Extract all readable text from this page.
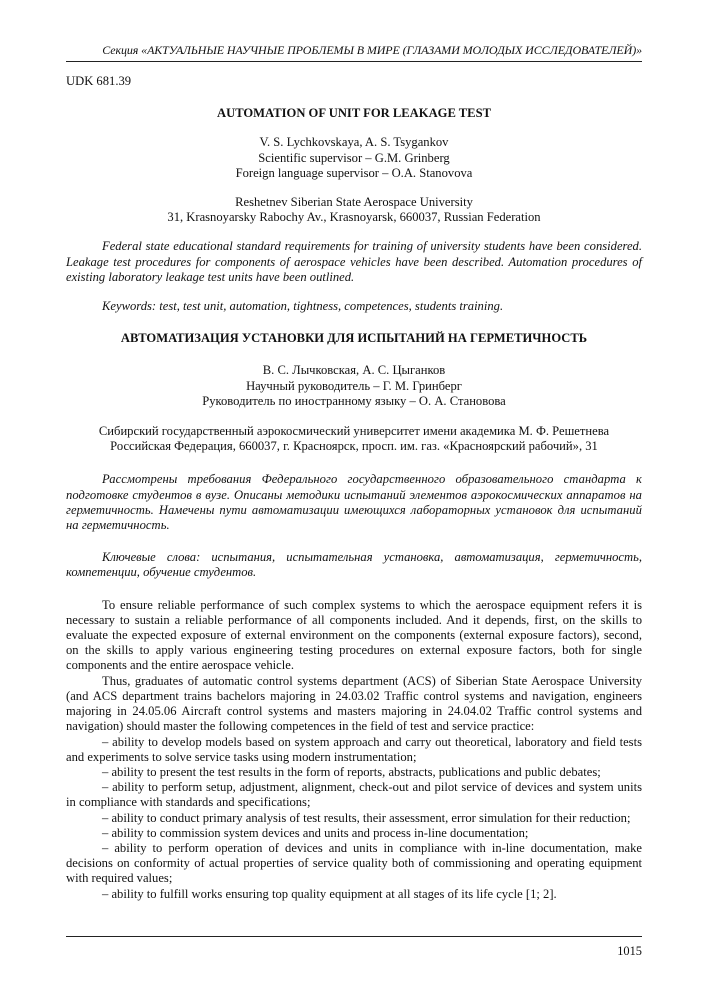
Секция «АКТУАЛЬНЫЕ НАУЧНЫЕ ПРОБЛЕМЫ В МИРЕ (ГЛАЗАМИ МОЛОДЫХ ИССЛЕДОВАТЕЛЕЙ)»

UDK 681.39

AUTOMATION OF UNIT FOR LEAKAGE TEST

V. S. Lychkovskaya, A. S. Tsygankov

Scientific supervisor – G.M. Grinberg

Foreign language supervisor – O.A. Stanovova

Reshetnev Siberian State Aerospace University

31, Krasnoyarsky Rabochy Av., Krasnoyarsk, 660037, Russian Federation

Federal state educational standard requirements for training of university students have been considered. Leakage test procedures for components of aerospace vehicles have been described. Automation procedures of existing laboratory leakage test units have been outlined.

Keywords: test, test unit, automation, tightness, competences, students training.

АВТОМАТИЗАЦИЯ УСТАНОВКИ ДЛЯ ИСПЫТАНИЙ НА ГЕРМЕТИЧНОСТЬ

В. С. Лычковская, А. С. Цыганков

Научный руководитель – Г. М. Гринберг

Руководитель по иностранному языку – О. А. Становова

Сибирский государственный аэрокосмический университет имени академика М. Ф. Решетнева

Российская Федерация, 660037, г. Красноярск, просп. им. газ. «Красноярский рабочий», 31

Рассмотрены требования Федерального государственного образовательного стандарта к подготовке студентов в вузе. Описаны методики испытаний элементов аэрокосмических аппаратов на герметичность. Намечены пути автоматизации имеющихся лабораторных установок для испытаний на герметичность.

Ключевые слова: испытания, испытательная установка, автоматизация, герметичность, компетенции, обучение студентов.

To ensure reliable performance of such complex systems to which the aerospace equipment refers it is necessary to sustain a reliable performance of all components included. And it depends, first, on the skills to evaluate the expected exposure of external environment on the components (external exposure factors), second, on the skills to apply various engineering testing procedures on external exposure factors, both for single components and the entire aerospace vehicle.

Thus, graduates of automatic control systems department (ACS) of Siberian State Aerospace University (and ACS department trains bachelors majoring in 24.03.02 Traffic control systems and navigation, engineers majoring in 24.05.06 Aircraft control systems and masters majoring in 24.04.02 Traffic control systems and navigation) should master the following competences in the field of test and service practice:

– ability to develop models based on system approach and carry out theoretical, laboratory and field tests and experiments to solve service tasks using modern instrumentation;

– ability to present the test results in the form of reports, abstracts, publications and public debates;

– ability to perform setup, adjustment, alignment, check-out and pilot service of devices and system units in compliance with standards and specifications;

– ability to conduct primary analysis of test results, their assessment, error simulation for their reduction;

– ability to commission system devices and units and process in-line documentation;

– ability to perform operation of devices and units in compliance with in-line documentation, make decisions on conformity of actual properties of service quality both of commissioning and operating equipment with required values;

– ability to fulfill works ensuring top quality equipment at all stages of its life cycle [1; 2].

1015
